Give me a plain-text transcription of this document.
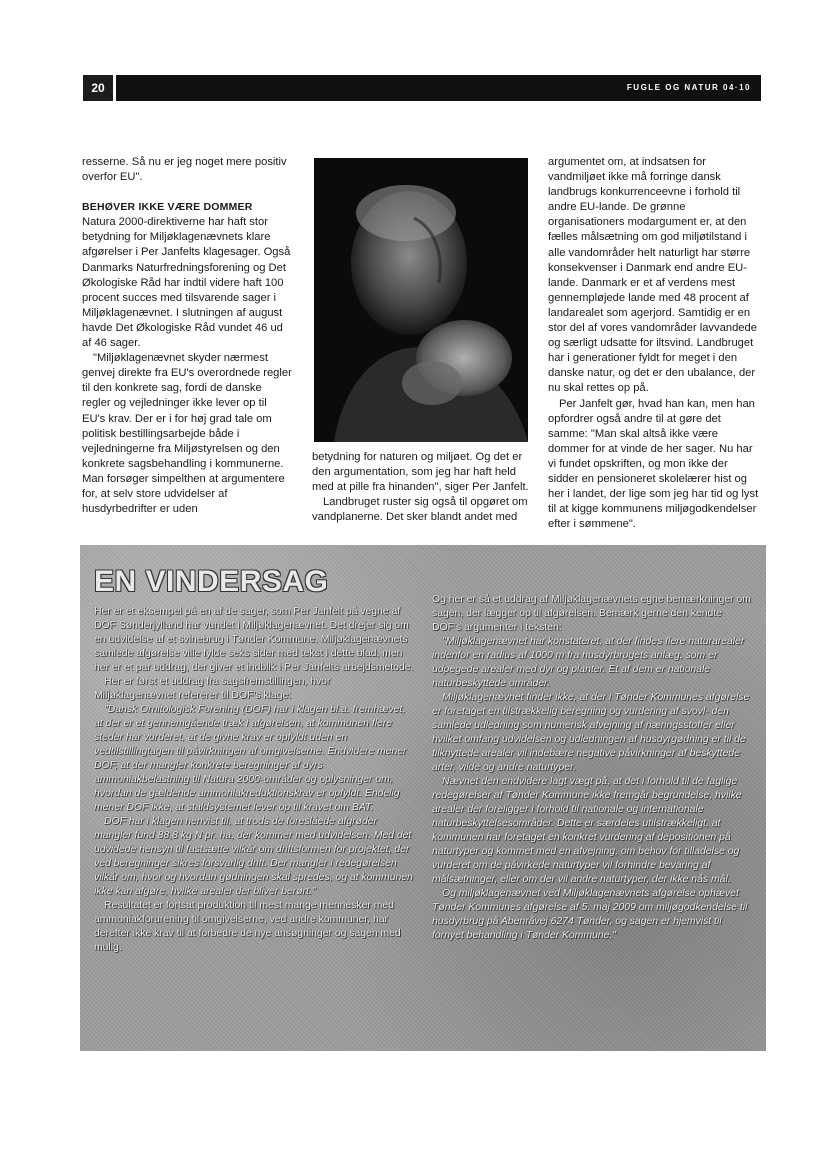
20	FUGLE OG NATUR 04·10

resserne. Så nu er jeg noget mere positiv overfor EU".

BEHØVER IKKE VÆRE DOMMER

Natura 2000-direktiverne har haft stor betydning for Miljøklagenævnets klare afgørelser i Per Janfelts klagesager. Også Danmarks Naturfredningsforening og Det Økologiske Råd har indtil videre haft 100 procent succes med tilsvarende sager i Miljøklagenævnet. I slutningen af august havde Det Økologiske Råd vundet 46 ud af 46 sager.

"Miljøklagenævnet skyder nærmest genvej direkte fra EU's overordnede regler til den konkrete sag, fordi de danske regler og vejledninger ikke lever op til EU's krav. Der er i for høj grad tale om politisk bestillingsarbejde både i vejledningerne fra Miljøstyrelsen og den konkrete sagsbehandling i kommunerne. Man forsøger simpelthen at argumentere for, at selv store udvidelser af husdyrbedrifter er uden

betydning for naturen og miljøet. Og det er den argumentation, som jeg har haft held med at pille fra hinanden", siger Per Janfelt.

Landbruget ruster sig også til opgøret om vandplanerne. Det sker blandt andet med

argumentet om, at indsatsen for vandmiljøet ikke må forringe dansk landbrugs konkurrenceevne i forhold til andre EU-lande. De grønne organisationers modargument er, at den fælles målsætning om god miljøtilstand i alle vandområder helt naturligt har større konsekvenser i Danmark end andre EU-lande. Danmark er et af verdens mest gennempløjede lande med 48 procent af landarealet som agerjord. Samtidig er en stor del af vores vandområder lavvandede og særligt udsatte for iltsvind. Landbruget har i generationer fyldt for meget i den danske natur, og det er den ubalance, der nu skal rettes op på.

Per Janfelt gør, hvad han kan, men han opfordrer også andre til at gøre det samme: "Man skal altså ikke være dommer for at vinde de her sager. Nu har vi fundet opskriften, og mon ikke der sidder en pensioneret skolelærer hist og her i landet, der lige som jeg har tid og lyst til at kigge kommunens miljøgodkendelser efter i sømmene".

EN VINDERSAG

Her er et eksempel på en af de sager, som Per Janfelt på vegne af DOF Sønderjylland har vundet i Miljøklagenævnet. Det drejer sig om en udvidelse af et svinebrug i Tønder Kommune. Miljøklagenævnets samlede afgørelse ville fylde seks sider med tekst i dette blad, men her er et par uddrag, der giver et indblik i Per Janfelts arbejdsmetode.

Her er først et uddrag fra sagsfremstillingen, hvor Miljøklagenævnet refererer til DOF's klage:

"Dansk Ornitologisk Forening (DOF) har i klagen bl.a. fremhævet, at der er et gennemgående træk i afgørelsen, at kommunen flere steder har vurderet, at de givne krav er opfyldt uden en vedtilstillingtagen til påvirkningen af omgivelserne. Endvidere mener DOF, at der mangler konkrete beregninger af dyrs ammoniakbelastning til Natura 2000-områder og oplysninger om, hvordan de gældende ammoniakreduktionskrav er opfyldt. Endelig mener DOF ikke, at staldsystemet lever op til kravet om BAT.

DOF har i klagen henvist til, at trods de foreslåede afgrøder mangler fund 88,8 kg N pr. ha, der kommer med udvidelsen. Med det udvidede hensyn til fastsætte vilkår om driftsformen for projektet, der ved beregninger sikres forsvarlig drift. Der mangler i redegørelsen vilkår om, hvor og hvordan gødningen skal spredes, og at kommunen ikke kan afgøre, hvilke arealer der bliver berørt."

Resultatet er fortsat produktion til mest mange mennesker med ammoniakforurening til omgivelserne, ved andre kommuner, har derefter ikke krav til at forbedre de nye ansøgninger og sagen med mulig.

Og her er så et uddrag af Miljøklagenævnets egne bemærkninger om sagen, der lægger op til afgørelsen. Bemærk gerne den kendte DOF's argumenter i teksten:

"Miljøklagenævnet har konstateret, at der findes flere naturarealer indenfor en radius af 1000 m fra husdyrbrugets anlæg, som er udpegede arealer med dyr og planter. Et af dem er nationale naturbeskyttede områder.

Miljøklagenævnet finder ikke, at der i Tønder Kommunes afgørelse er foretaget en tilstrækkelig beregning og vurdering af svovl- den samlede udledning som numerisk afvejning af næringsstoffer eller hvilket omfang udvidelsen og udledningen af husdyrgødning er til de tilknyttede arealer vil indebære negative påvirkninger af beskyttede arter, vilde og andre naturtyper.

Nævnet den endvidere lagt vægt på, at det i forhold til de faglige redegørelser af Tønder Kommune ikke fremgår begrundelse, hvilke arealer der foreligger i forhold til nationale og internationale naturbeskyttelsesområder. Dette er særdeles utilstrækkeligt, at kommunen har foretaget en konkret vurdering af depositionen på naturtyper og kommet med en afvejning, om behov for tilladelse og vurderet om de påvirkede naturtyper vil forhindre bevaring af målsætninger, eller om der vil andre naturtyper, der ikke nås mål.

Og miljøklagenævnet ved Miljøklagenævnets afgørelse ophævet Tønder Kommunes afgørelse af 5. maj 2009 om miljøgodkendelse til husdyrbrug på Abenråvej 6274 Tønder, og sagen er hjemvist til fornyet behandling i Tønder Kommune."
